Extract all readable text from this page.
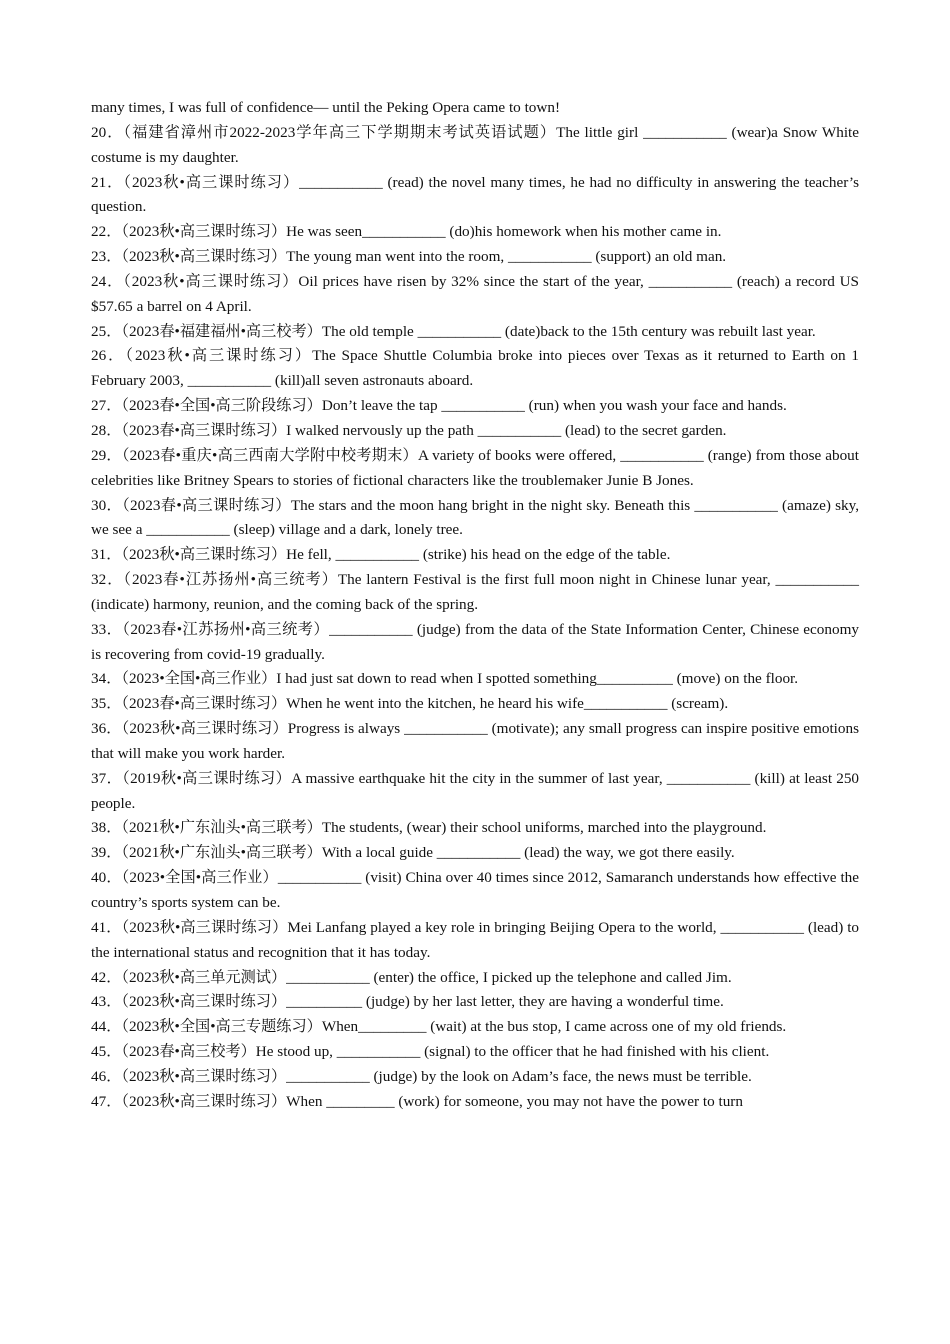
many times, I was full of confidence— until the Peking Opera came to town!
20．（福建省漳州市2022-2023学年高三下学期期末考试英语试题）The little girl ___________ (wear)a Snow White costume is my daughter.
21．（2023秋•高三课时练习）___________ (read) the novel many times, he had no difficulty in answering the teacher’s question.
22．（2023秋•高三课时练习）He was seen___________ (do)his homework when his mother came in.
23．（2023秋•高三课时练习）The young man went into the room, ___________ (support) an old man.
24．（2023秋•高三课时练习）Oil prices have risen by 32% since the start of the year, ___________ (reach) a record US $57.65 a barrel on 4 April.
25．（2023春•福建福州•高三校考）The old temple ___________ (date)back to the 15th century was rebuilt last year.
26．（2023秋•高三课时练习）The Space Shuttle Columbia broke into pieces over Texas as it returned to Earth on 1 February 2003, ___________ (kill)all seven astronauts aboard.
27．（2023春•全国•高三阶段练习）Don’t leave the tap ___________ (run) when you wash your face and hands.
28．（2023春•高三课时练习）I walked nervously up the path ___________ (lead) to the secret garden.
29．（2023春•重庆•高三西南大学附中校考期末）A variety of books were offered, ___________ (range) from those about celebrities like Britney Spears to stories of fictional characters like the troublemaker Junie B Jones.
30．（2023春•高三课时练习）The stars and the moon hang bright in the night sky. Beneath this ___________ (amaze) sky, we see a ___________ (sleep) village and a dark, lonely tree.
31．（2023秋•高三课时练习）He fell, ___________ (strike) his head on the edge of the table.
32．（2023春•江苏扬州•高三统考）The lantern Festival is the first full moon night in Chinese lunar year, ___________ (indicate) harmony, reunion, and the coming back of the spring.
33．（2023春•江苏扬州•高三统考）___________ (judge) from the data of the State Information Center, Chinese economy is recovering from covid-19 gradually.
34．（2023•全国•高三作业）I had just sat down to read when I spotted something__________ (move) on the floor.
35．（2023春•高三课时练习）When he went into the kitchen, he heard his wife___________ (scream).
36．（2023秋•高三课时练习）Progress is always ___________ (motivate); any small progress can inspire positive emotions that will make you work harder.
37．（2019秋•高三课时练习）A massive earthquake hit the city in the summer of last year, ___________ (kill) at least 250 people.
38．（2021秋•广东汕头•高三联考）The students, (wear) their school uniforms, marched into the playground.
39．（2021秋•广东汕头•高三联考）With a local guide ___________ (lead) the way, we got there easily.
40．（2023•全国•高三作业）___________ (visit) China over 40 times since 2012, Samaranch understands how effective the country’s sports system can be.
41．（2023秋•高三课时练习）Mei Lanfang played a key role in bringing Beijing Opera to the world, ___________ (lead) to the international status and recognition that it has today.
42．（2023秋•高三单元测试）___________ (enter) the office, I picked up the telephone and called Jim.
43．（2023秋•高三课时练习）__________ (judge) by her last letter, they are having a wonderful time.
44．（2023秋•全国•高三专题练习）When_________ (wait) at the bus stop, I came across one of my old friends.
45．（2023春•高三校考）He stood up, ___________ (signal) to the officer that he had finished with his client.
46．（2023秋•高三课时练习）___________ (judge) by the look on Adam’s face, the news must be terrible.
47．（2023秋•高三课时练习）When _________ (work) for someone, you may not have the power to turn
